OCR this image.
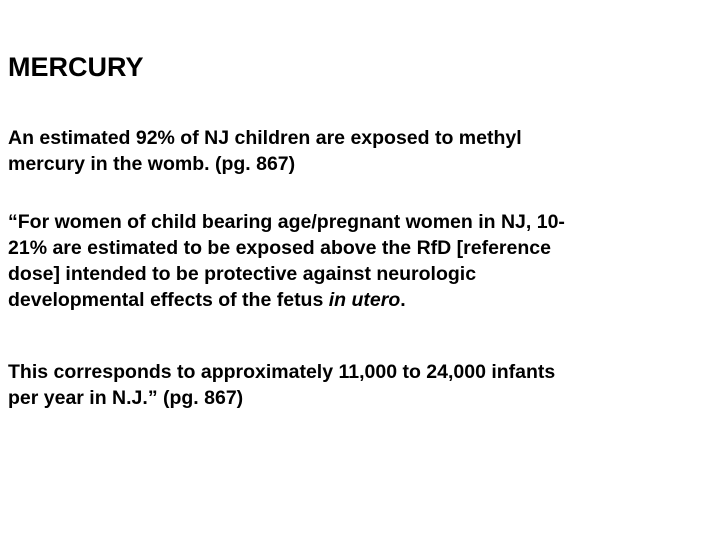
MERCURY

An estimated 92% of NJ children are exposed to methyl
mercury in the womb. (pg. 867)

“For women of child bearing age/pregnant women in NJ, 10-
21% are estimated to be exposed above the RfD [reference
dose] intended to be protective against neurologic
developmental effects of the fetus in utero.

This corresponds to approximately 11,000 to 24,000 infants
per year in N.J.” (pg. 867)
